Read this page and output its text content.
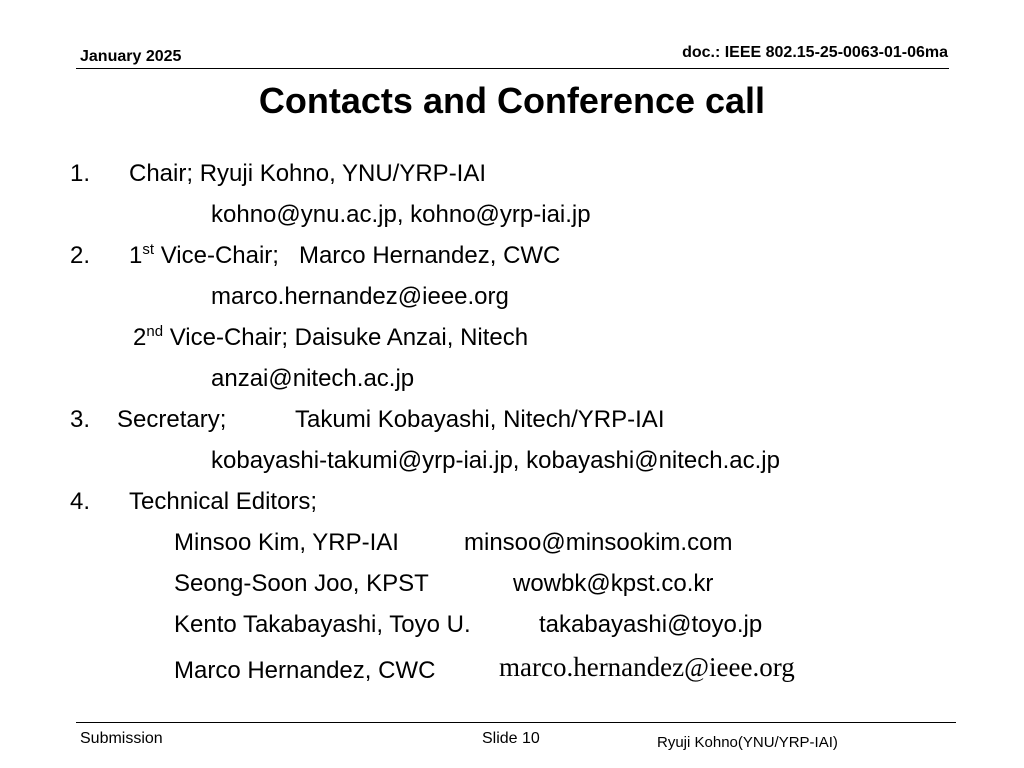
January 2025	doc.: IEEE 802.15-25-0063-01-06ma
Contacts and Conference call
1. Chair; Ryuji Kohno, YNU/YRP-IAI
kohno@ynu.ac.jp, kohno@yrp-iai.jp
2. 1st Vice-Chair;   Marco Hernandez, CWC
marco.hernandez@ieee.org
2nd Vice-Chair; Daisuke Anzai, Nitech
anzai@nitech.ac.jp
3. Secretary;	Takumi Kobayashi, Nitech/YRP-IAI
kobayashi-takumi@yrp-iai.jp, kobayashi@nitech.ac.jp
4. Technical Editors;
Minsoo Kim, YRP-IAI	minsoo@minsookim.com
Seong-Soon Joo, KPST	wowbk@kpst.co.kr
Kento Takabayashi, Toyo U.	takabayashi@toyo.jp
Marco Hernandez, CWC marco.hernandez@ieee.org
Submission	Slide 10	Ryuji Kohno(YNU/YRP-IAI)
